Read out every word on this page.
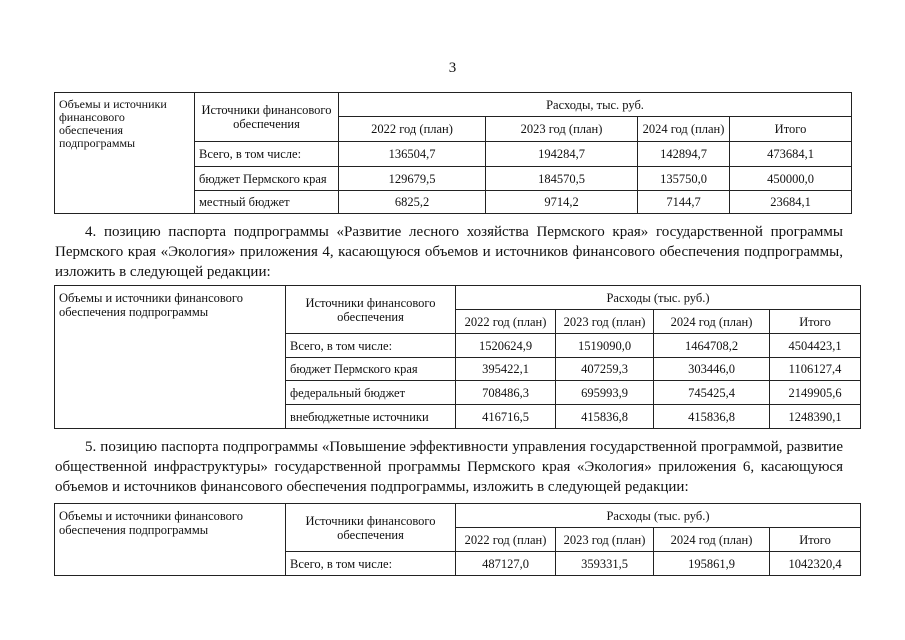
3
Объемы и источники финансового обеспечения подпрограммы	Источники финансового обеспечения	Расходы, тыс. руб.			
		2022 год (план)	2023 год (план)	2024 год (план)	Итого
	Всего, в том числе:	136504,7	194284,7	142894,7	473684,1
	бюджет Пермского края	129679,5	184570,5	135750,0	450000,0
	местный бюджет	6825,2	9714,2	7144,7	23684,1
4. позицию паспорта подпрограммы «Развитие лесного хозяйства Пермского края» государственной программы Пермского края «Экология» приложения 4, касающуюся объемов и источников финансового обеспечения подпрограммы, изложить в следующей редакции:
Объемы и источники финансового обеспечения подпрограммы	Источники финансового обеспечения	Расходы (тыс. руб.)			
		2022 год (план)	2023 год (план)	2024 год (план)	Итого
	Всего, в том числе:	1520624,9	1519090,0	1464708,2	4504423,1
	бюджет Пермского края	395422,1	407259,3	303446,0	1106127,4
	федеральный бюджет	708486,3	695993,9	745425,4	2149905,6
	внебюджетные источники	416716,5	415836,8	415836,8	1248390,1
5. позицию паспорта подпрограммы «Повышение эффективности управления государственной программой, развитие общественной инфраструктуры» государственной программы Пермского края «Экология» приложения 6, касающуюся объемов и источников финансового обеспечения подпрограммы, изложить в следующей редакции:
Объемы и источники финансового обеспечения подпрограммы	Источники финансового обеспечения	Расходы (тыс. руб.)			
		2022 год (план)	2023 год (план)	2024 год (план)	Итого
	Всего, в том числе:	487127,0	359331,5	195861,9	1042320,4
